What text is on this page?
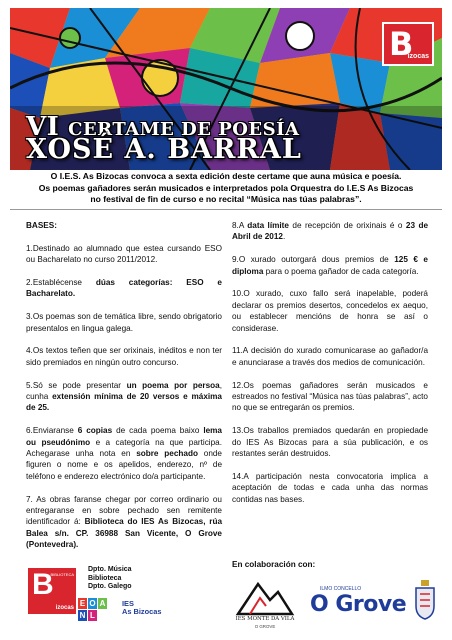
B
izocas
VI CERTAME DE POESÍA
XOSÉ A. BARRAL

O I.E.S. As Bizocas convoca a sexta edición deste certame que auna música e poesía.

Os poemas gañadores serán musicados e interpretados pola Orquestra do I.E.S As Bizocas

no festival de fin de curso e no recital “Música nas túas palabras”.

BASES:

1.Destinado ao alumnado que estea cursando ESO ou Bacharelato no curso 2011/2012.

2.Establécense dúas categorías: ESO e Bacharelato.

3.Os poemas son de temática libre, sendo obrigatorio presentalos en lingua galega.

4.Os textos teñen que ser orixinais, inéditos e non ter sido premiados en ningún outro concurso.

5.Só se pode presentar un poema por persoa, cunha extensión mínima de 20 versos e máxima de 25.

6.Enviaranse 6 copias de cada poema baixo lema ou pseudónimo e a categoría na que participa. Achegarase unha nota en sobre pechado onde figuren o nome e os apelidos, enderezo, nº de teléfono e enderezo electrónico do/a participante.

7. As obras faranse chegar por correo ordinario ou entregaranse en sobre pechado sen remitente identificador á: Biblioteca do IES As Bizocas, rúa Balea s/n. CP. 36988 San Vicente, O Grove (Pontevedra).

8.A data límite de recepción de orixinais é o 23 de Abril de 2012.

9.O xurado outorgará dous premios de 125 € e diploma para o poema gañador de cada categoría.

10.O xurado, cuxo fallo será inapelable, poderá declarar os premios desertos, concedelos ex aequo, ou establecer mencións de honra se así o considerase.

11.A decisión do xurado comunicarase ao gañador/a e anunciarase a través dos medios de comunicación.

12.Os poemas gañadores serán musicados e estreados no festival “Música nas túas palabras”, acto no que se entregarán os premios.

13.Os traballos premiados quedarán en propiedade do IES As Bizocas para a súa publicación, e os restantes serán destruidos.

14.A participación nesta convocatoria implica a aceptación de todas e cada unha das normas contidas nas bases.

B
BIBLIOTECA
izocas
Dpto. Música
Biblioteca
Dpto. Galego
E O A
N L
IES
As Bizocas
En colaboración con:
IES MONTE DA VILA
O GROVE
ILMO CONCELLO
O Grove
